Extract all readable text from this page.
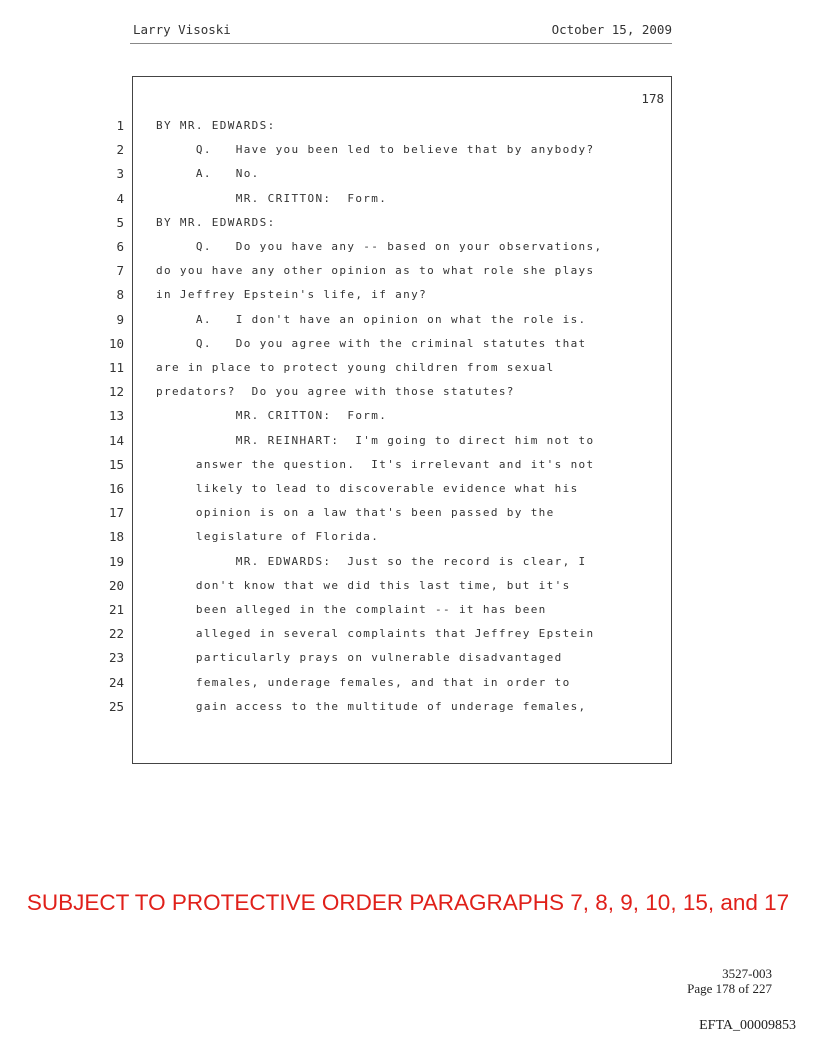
Larry Visoski	October 15, 2009
178
1	BY MR. EDWARDS:
2	Q.   Have you been led to believe that by anybody?
3	A.   No.
4	MR. CRITTON:  Form.
5	BY MR. EDWARDS:
6	Q.   Do you have any -- based on your observations,
7	do you have any other opinion as to what role she plays
8	in Jeffrey Epstein's life, if any?
9	A.   I don't have an opinion on what the role is.
10	Q.   Do you agree with the criminal statutes that
11	are in place to protect young children from sexual
12	predators?  Do you agree with those statutes?
13	MR. CRITTON:  Form.
14	MR. REINHART:  I'm going to direct him not to
15	answer the question.  It's irrelevant and it's not
16	likely to lead to discoverable evidence what his
17	opinion is on a law that's been passed by the
18	legislature of Florida.
19	MR. EDWARDS:  Just so the record is clear, I
20	don't know that we did this last time, but it's
21	been alleged in the complaint -- it has been
22	alleged in several complaints that Jeffrey Epstein
23	particularly prays on vulnerable disadvantaged
24	females, underage females, and that in order to
25	gain access to the multitude of underage females,
3527-003
Page 178 of 227
SUBJECT TO PROTECTIVE ORDER PARAGRAPHS 7, 8, 9, 10, 15, and 17
EFTA_00009853
